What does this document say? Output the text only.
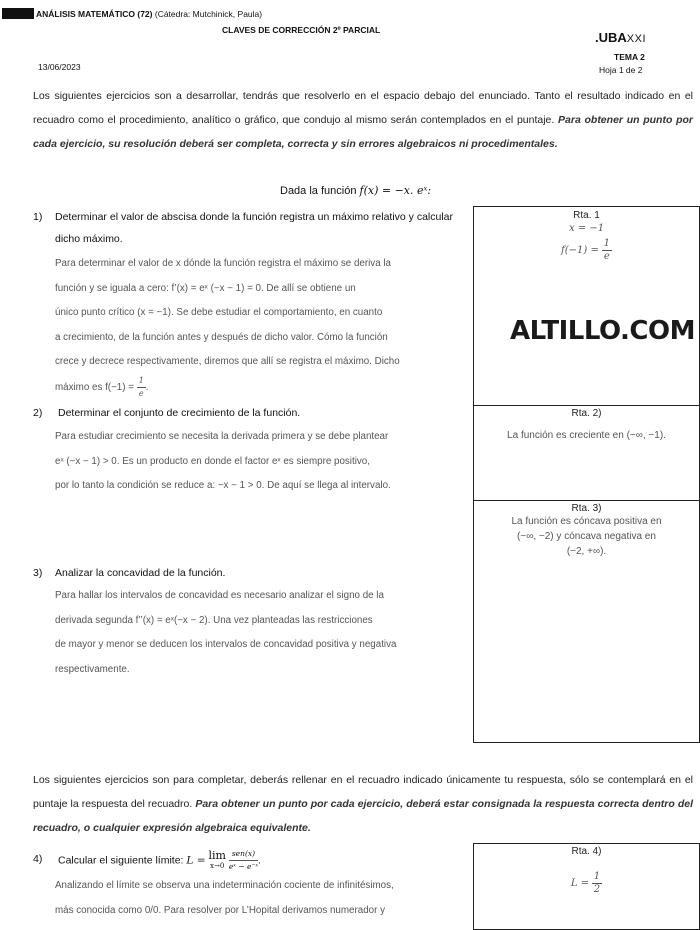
ANÁLISIS MATEMÁTICO (72) (Cátedra: Mutchinick, Paula)
CLAVES DE CORRECCIÓN 2º PARCIAL	.UBAXXI
13/06/2023
TEMA 2
Hoja 1 de 2
Los siguientes ejercicios son a desarrollar, tendrás que resolverlo en el espacio debajo del enunciado. Tanto el resultado indicado en el recuadro como el procedimiento, analítico o gráfico, que condujo al mismo serán contemplados en el puntaje. Para obtener un punto por cada ejercicio, su resolución deberá ser completa, correcta y sin errores algebraicos ni procedimentales.
Dada la función f(x) = −x. eˣ:
1) Determinar el valor de abscisa donde la función registra un máximo relativo y calcular dicho máximo.
Para determinar el valor de x dónde la función registra el máximo se deriva la
función y se iguala a cero: f’(x) = eˣ (−x − 1) = 0. De allí se obtiene un
único punto crítico (x = −1). Se debe estudiar el comportamiento, en cuanto
a crecimiento, de la función antes y después de dicho valor. Cómo la función
crece y decrece respectivamente, diremos que allí se registra el máximo. Dicho
máximo es $f(-1) = \frac{1}{e}$ .
Rta. 1
x = −1
$f(-1) = \frac{1}{e}$
ALTILLO.COM
2) Determinar el conjunto de crecimiento de la función.
Para estudiar crecimiento se necesita la derivada primera y se debe plantear
eˣ (−x − 1) > 0. Es un producto en donde el factor eˣ es siempre positivo,
por lo tanto la condición se reduce a: −x − 1 > 0. De aquí se llega al intervalo.
Rta. 2)
La función es creciente en (−∞, −1).
3) Analizar la concavidad de la función.
Para hallar los intervalos de concavidad es necesario analizar el signo de la
derivada segunda f’’(x) = eˣ(−x − 2). Una vez planteadas las restricciones
de mayor y menor se deducen los intervalos de concavidad positiva y negativa
respectivamente.
Rta. 3)
La función es cóncava positiva en
(−∞, −2) y cóncava negativa en
(−2, +∞).
Los siguientes ejercicios son para completar, deberás rellenar en el recuadro indicado únicamente tu respuesta, sólo se contemplará en el puntaje la respuesta del recuadro. Para obtener un punto por cada ejercicio, deberá estar consignada la respuesta correcta dentro del recuadro, o cualquier expresión algebraica equivalente.
4) Calcular el siguiente límite: L = lim
x→0
$\frac{\text{sen(x)}}{\text{eˣ − e⁻ˣ}}$ .
Analizando el límite se observa una indeterminación cociente de infinitésimos,
más conocida como 0/0. Para resolver por L’Hopital derivamos numerador y
Rta. 4)
$L = \frac{1}{2}$
